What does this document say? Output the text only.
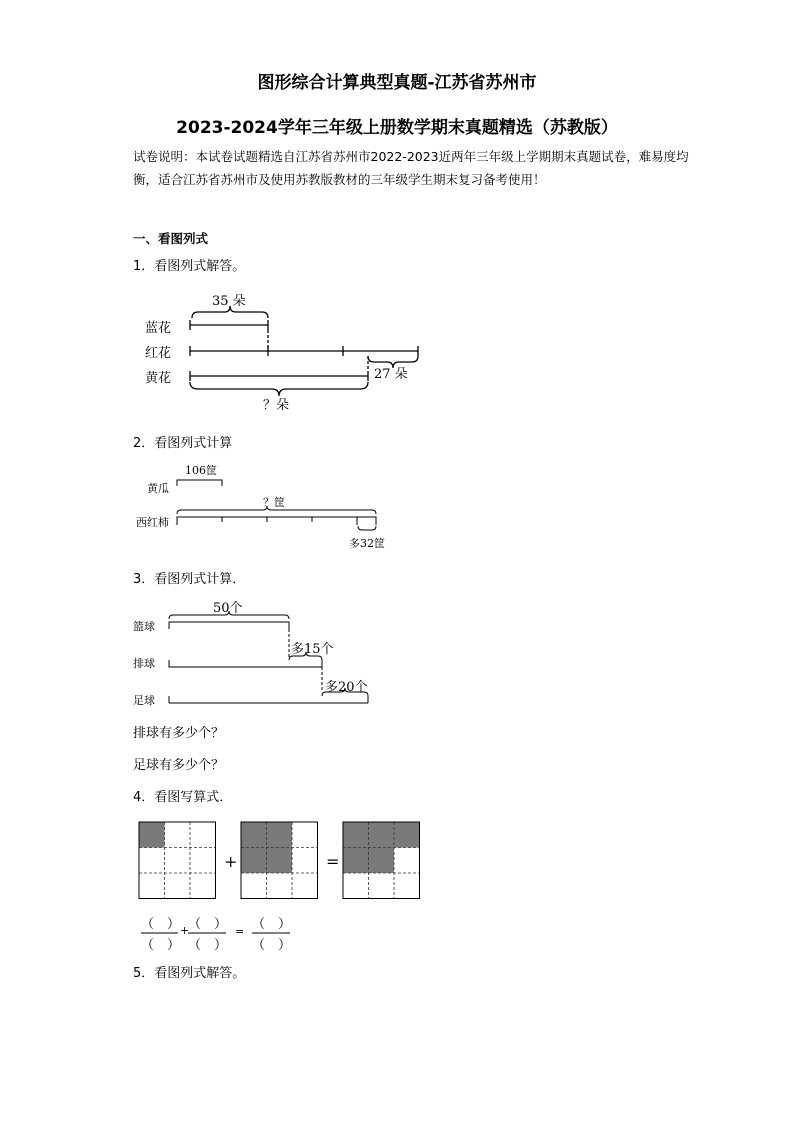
图形综合计算典型真题-江苏省苏州市
2023-2024学年三年级上册数学期末真题精选（苏教版）
试卷说明：本试卷试题精选自江苏省苏州市2022-2023近两年三年级上学期期末真题试卷，难易度均衡，适合江苏省苏州市及使用苏教版教材的三年级学生期末复习备考使用！
一、看图列式
1．看图列式解答。
35 朵
蓝花
红花
黄花	27 朵
？朵
2．看图列式计算
106筐
黄瓜
西红柿
？筐
多32筐
3．看图列式计算．
50个
篮球
排球
足球
多15个
多20个
排球有多少个？
足球有多少个？
4．看图写算式．
+	=
（　）
（　）
+
（　）
（　）
= （　）
（　）
5．看图列式解答。
